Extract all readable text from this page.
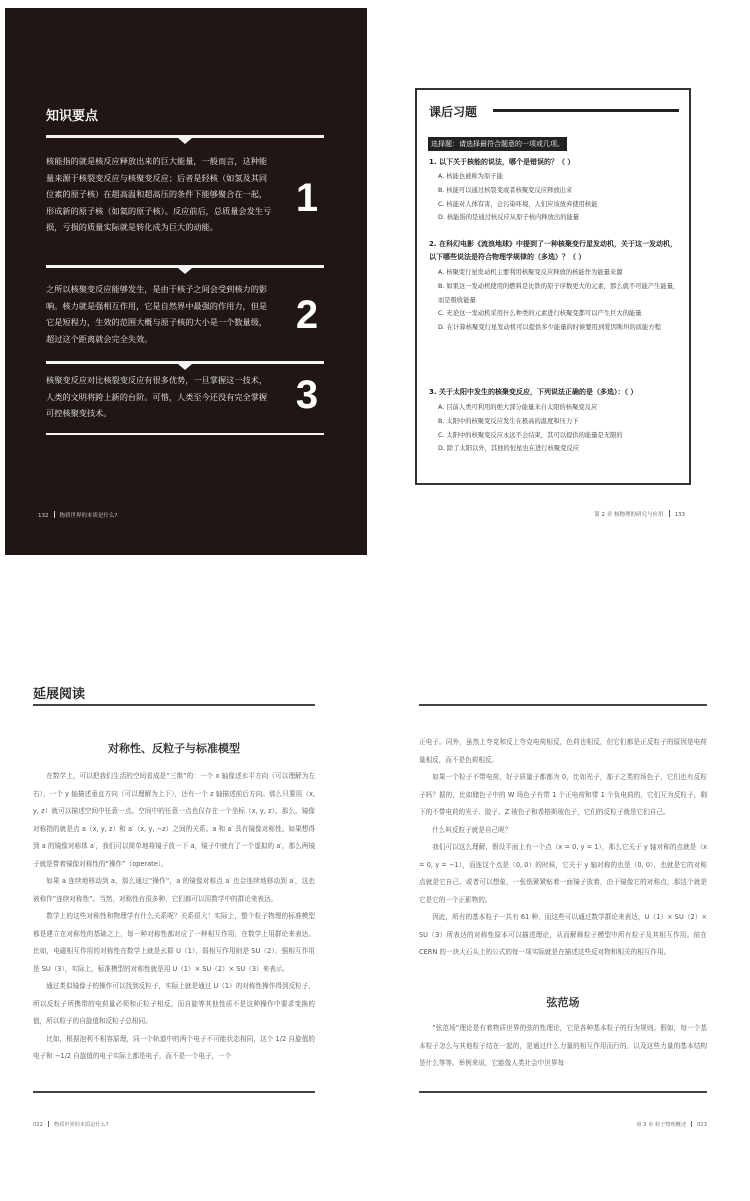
知识要点
核能指的就是核反应释放出来的巨大能量，一般而言，这种能量来源于核裂变反应与核聚变反应；后者是轻核（如氢及其同位素的原子核）在超高温和超高压的条件下能够聚合在一起，形成新的原子核（如氦的原子核）。反应前后，总质量会发生亏损，亏损的质量实际就是转化成为巨大的动能。
1
之所以核聚变反应能够发生，是由于核子之间会受到核力的影响。核力就是强相互作用，它是自然界中最强的作用力，但是它是短程力，生效的范围大概与原子核的大小是一个数量级，超过这个距离就会完全失效。
2
核聚变反应对比核裂变反应有很多优势，一旦掌握这一技术，人类的文明将跨上新的台阶。可惜，人类至今还没有完全掌握可控核聚变技术。	3
132 物质世界的本质是什么?
课后习题
选择题：请选择最符合题意的一项或几项。
1. 以下关于核能的说法，哪个是错误的？（ ）
A. 核能也被称为原子能
B. 核能可以通过核裂变或者核聚变反应释放出来
C. 核能对人体有害，会污染环境，人们应该放弃使用核能
D. 核能指的是通过核反应从原子核内释放出的能量
2. 在科幻电影《流浪地球》中提到了一种核聚变行星发动机，关于这一发动机，以下哪些说法是符合物理学规律的（多选）？（ ）
A. 核聚变行星发动机主要利用核聚变反应释放的核能作为能量来源
B. 如果这一发动机使用的燃料是比铁的原子序数更大的元素，那么就不可能产生能量，而是吸收能量
C. 无论这一发动机采用什么种类的元素进行核聚变都可以产生巨大的能量
D. 在计算核聚变行星发动机可以提供多少能量的时候要用到爱因斯坦的质能方程
3. 关于太阳中发生的核聚变反应，下列说法正确的是（多选）：（ ）
A. 目前人类可利用的绝大部分能量来自太阳的核聚变反应
B. 太阳中的核聚变反应发生在极高的温度和压力下
C. 太阳中的核聚变反应永远不会结束，其可以提供的能量是无限的
D. 除了太阳以外，其他的恒星也在进行核聚变反应
第 2 章 核物理的研究与应用 133
延展阅读
对称性、反粒子与标准模型

在数学上，可以把我们生活的空间看成是“三维”的：一个 x 轴像述水平方向（可以理解为左右），一个 y 轴描述垂直方向（可以理解为上下），还有一个 z 轴描述前后方向。那么只要用（x, y, z）就可以描述空间中任意一点。空间中的任意一点也仅存在一个坐标（x, y, z）。那么，镜像对称指的就是点 a（x, y, z）和 a′（x, y, −z）之间的关系。a 和 a′ 具有镜像对称性。如果想得到 a 的镜像对称体 a′，我们可以简单地将镜子放一下 a，镜子中就有了一个虚拟的 a′，那么两镜子就是带着镜像对称性的“操作”（operate）。

如果 a 连续地移动到 a，那么通过“操作”，a 的镜像对称点 a′ 也会连续地移动到 a′，这也被称作“连续对称性”。当然，对称性有很多种，它们都可以用数学中的群论来表达。

数学上的这些对称性和物理学有什么关系呢？关系很大！实际上，整个粒子物理的标准模型都是建立在对称性的基础之上，每一种对称性都对应了一种相互作用，在数学上用群论来表达。比如，电磁相互作用的对称性在数学上就是幺群 U（1），弱相互作用则是 SU（2），强相互作用是 SU（3），实际上，标准模型的对称性就是用 U（1）× SU（2）× SU（3）来表示。

通过类似镜像子的操作可以找到反粒子，实际上就是通过 U（1）的对称性操作得到反粒子，所以反粒子所携带的电荷量必须和正粒子相反，而自旋等其他性质不是这种操作中要求变换的值，所以粒子的自旋值和反粒子总相同。

比如，根据泡利不相容原理，同一个轨道中的两个电子不可能状态相同，这个 1/2 自旋值的电子和 −1/2 自旋值的电子实际上都是电子，而不是一个电子，一个

正电子。同外，虽然上夸克和反上夸克电荷相反，色荷也相反，但它们都是正反粒子的原因是电荷量相反，而不是色荷相反。

如果一个粒子不带电荷，好子质量子都都为 0，比如光子，那子之类的场色子，它们也有反粒子吗？据的，比如储色子中的 W 场色子有带 1 个正电荷和带 1 个负电荷的，它们互为反粒子，剩下的不带电荷的光子、胶子、Z 玻色子和希格斯玻色子，它们的反粒子就是它们自己。

什么叫反粒子就是自己呢？

我们可以这么理解，假设平面上有一个点（x = 0, y = 1），那么它关于 y 轴对称的点就是（x = 0, y = −1），而连这个点是（0, 0）的时候，它关于 y 轴对称的也是（0, 0），也就是它的对称点就是它自己。或者可以想象，一张纸紧紧贴着一面镜子放着，由于镜像它的对称点，那这个就是它是它的一个正影物的。

因此，所有的基本粒子一共有 61 种，而这些可以通过数学群论来表达，U（1）× SU（2）× SU（3）所表达的对称性原本可以描述理论，从而解释粒子模型中所有粒子及其相互作用。前在 CERN 的一块大石头上的公式的每一项实际就是在描述这些反对物和相关的相互作用。

弦范场

“弦范场”理论是有着物质世界的弦的性理论，它是各种基本粒子的行为规则。假如，每一个基本粒子怎么与其他粒子结在一起的，是通过什么力量的相互作用而行的，以及这些力量的基本结构是什么等等。举例来说，它能像人类社会中世界每

022 物质世界的本质是什么?	第 3 章 粒子物理概述 023
